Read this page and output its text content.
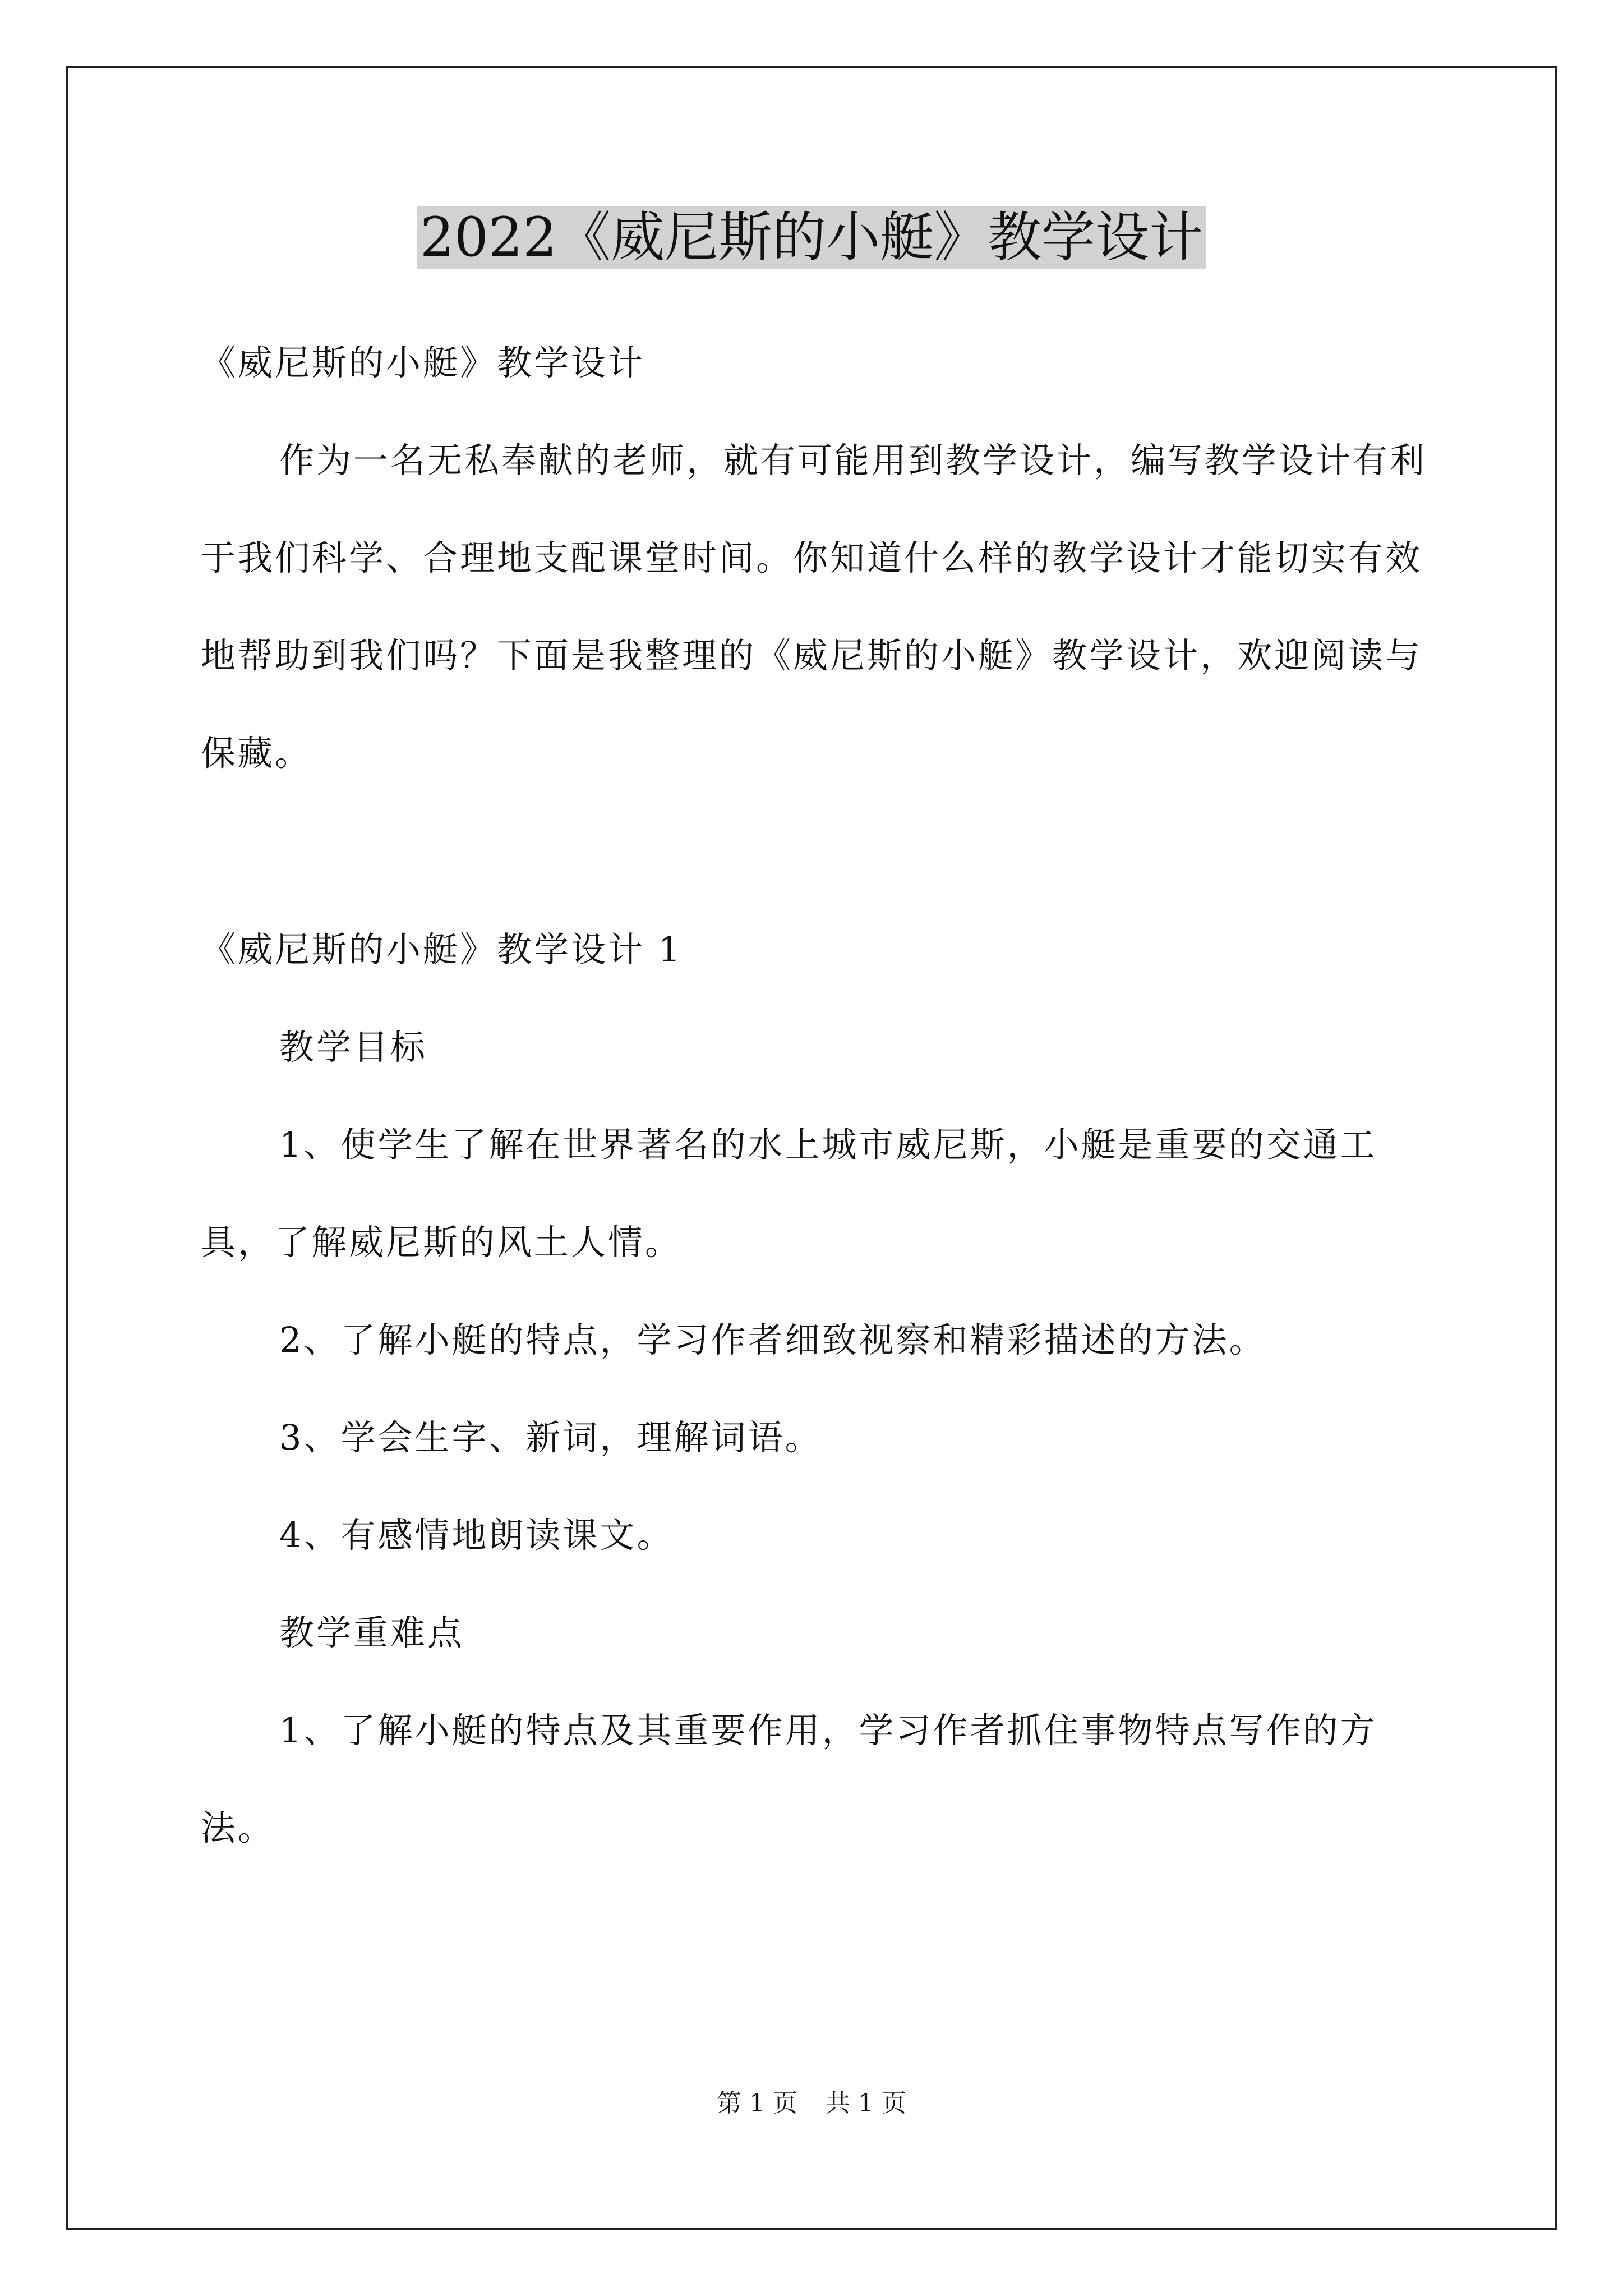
2022《威尼斯的小艇》教学设计

《威尼斯的小艇》教学设计

作为一名无私奉献的老师，就有可能用到教学设计，编写教学设计有利于我们科学、合理地支配课堂时间。你知道什么样的教学设计才能切实有效地帮助到我们吗？下面是我整理的《威尼斯的小艇》教学设计，欢迎阅读与保藏。

《威尼斯的小艇》教学设计 1

教学目标

1、使学生了解在世界著名的水上城市威尼斯，小艇是重要的交通工具，了解威尼斯的风土人情。

2、了解小艇的特点，学习作者细致视察和精彩描述的方法。

3、学会生字、新词，理解词语。

4、有感情地朗读课文。

教学重难点

1、了解小艇的特点及其重要作用，学习作者抓住事物特点写作的方法。

第 1 页 共 1 页
